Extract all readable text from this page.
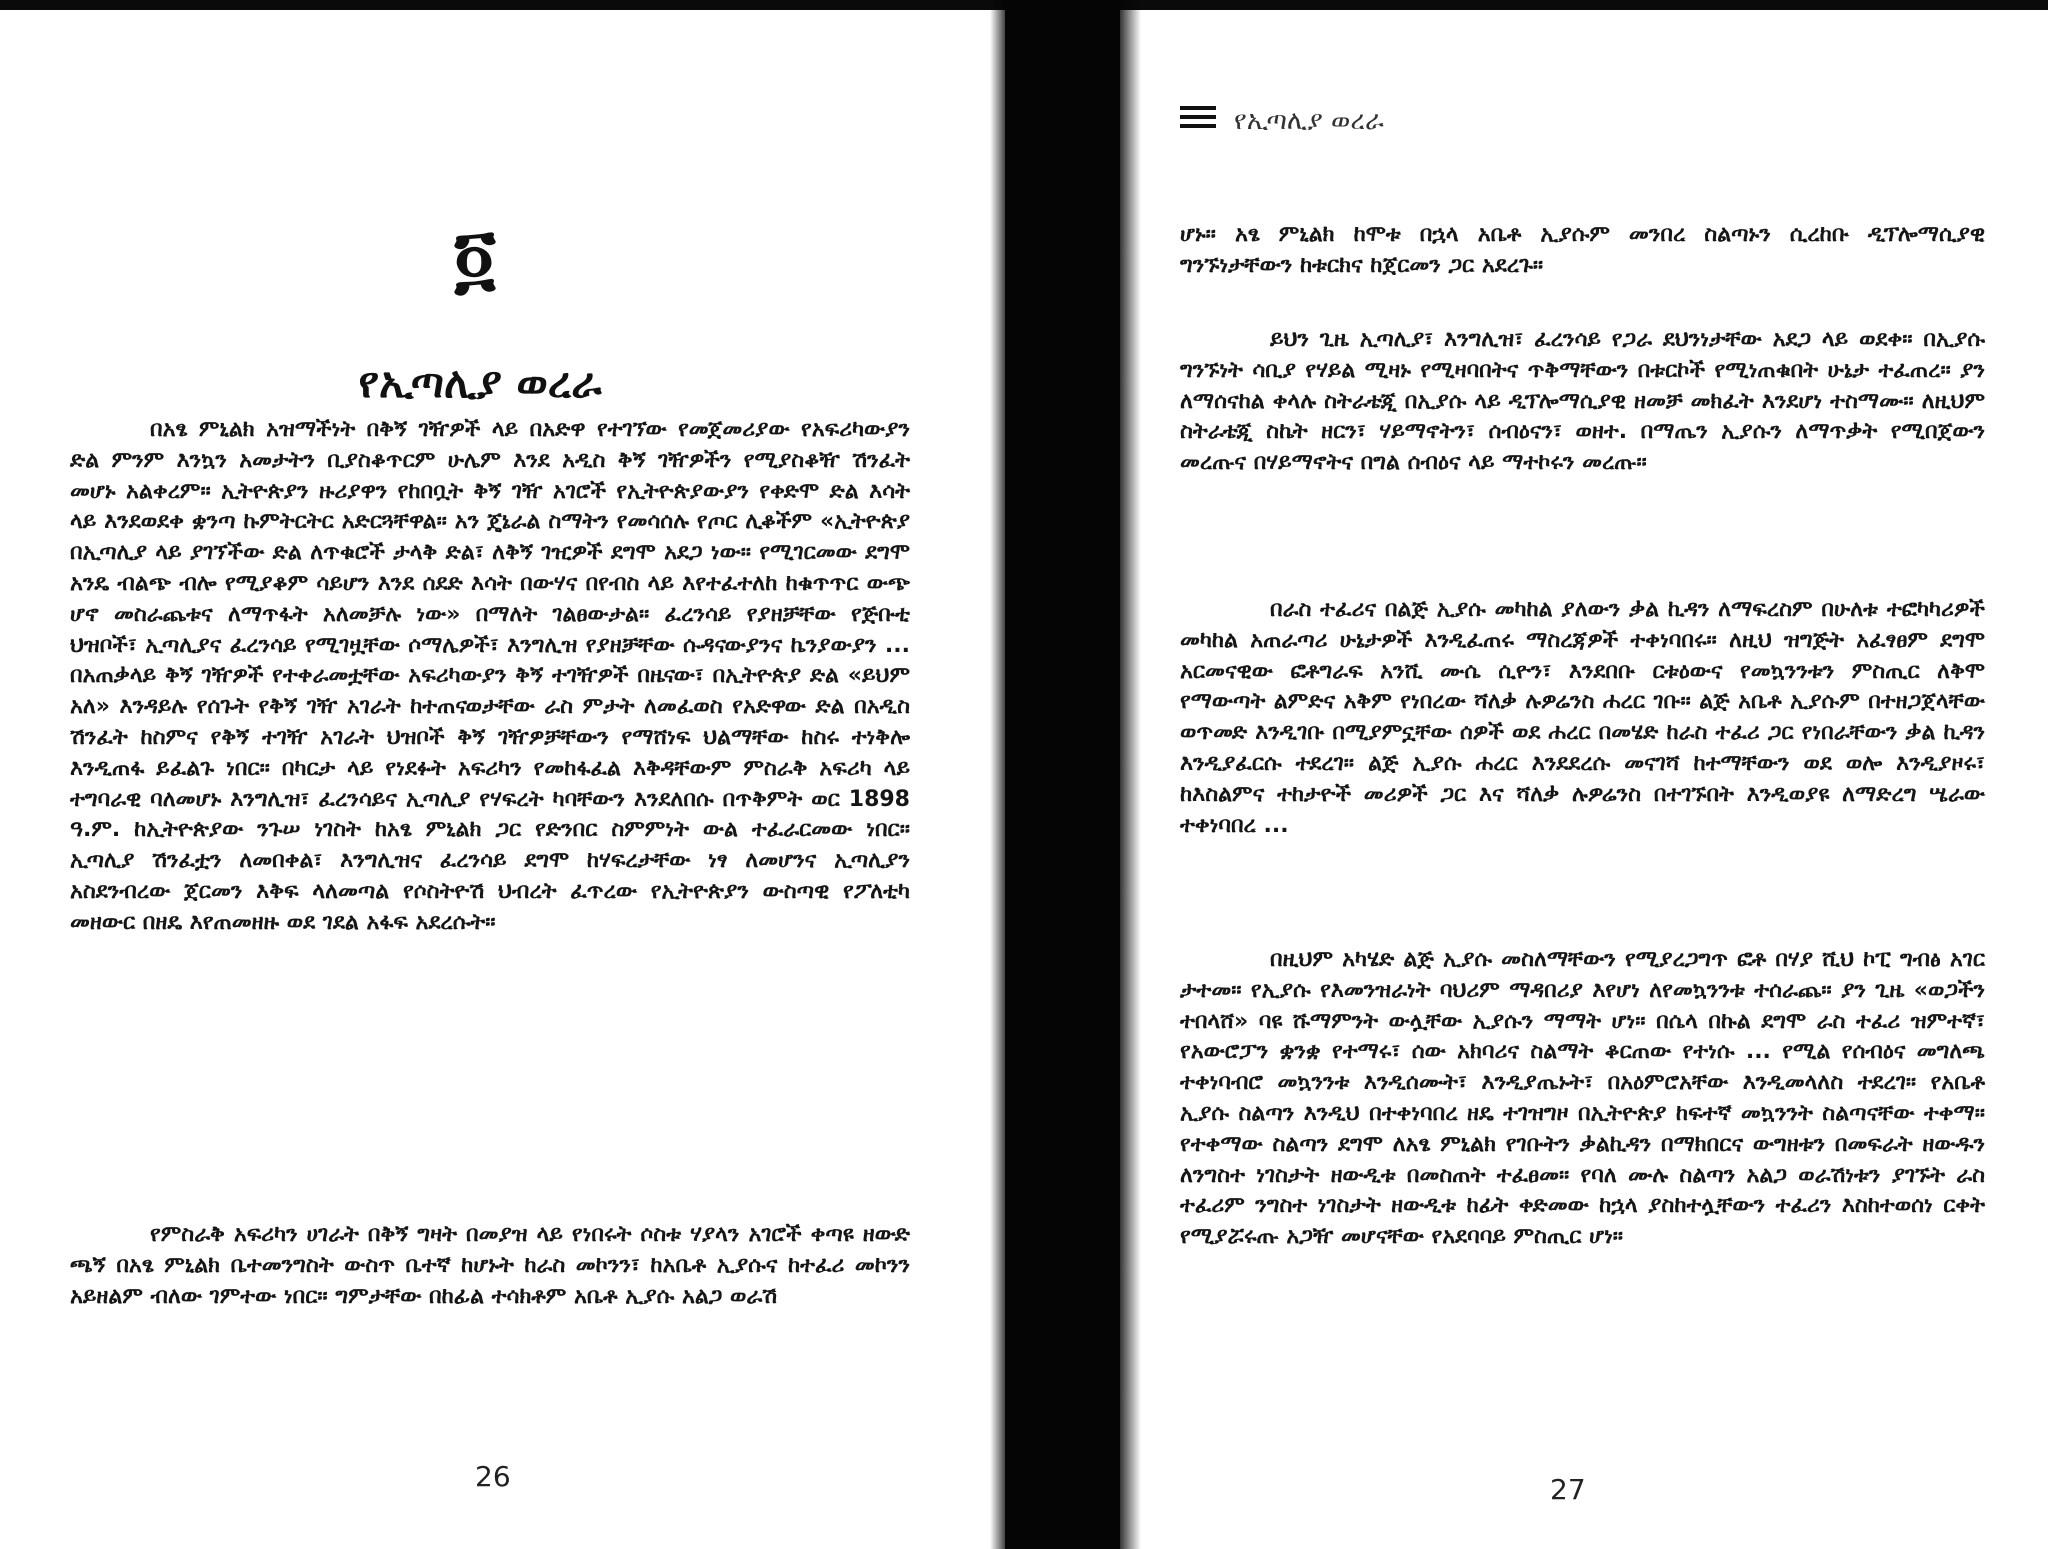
፬
የኢጣሊያ ወረራ

በአፄ ምኒልክ አዝማችነት በቅኝ ገዥዎች ላይ በአድዋ የተገኘው የመጀመሪያው የአፍሪካውያን ድል ምንም እንኳን አመታትን ቢያስቆጥርም ሁሌም እንደ አዲስ ቅኝ ገዥዎችን የሚያስቆዥ ሽንፈት መሆኑ አልቀረም። ኢትዮጵያን ዙሪያዋን የከበቧት ቅኝ ገዥ አገሮች የኢትዮጵያውያን የቀድሞ ድል እሳት ላይ እንደወደቀ ቋንጣ ኩምትርትር አድርጓቸዋል። አን ጄኔራል ስማትን የመሳሰሉ የጦር ሊቆችም «ኢትዮጵያ በኢጣሊያ ላይ ያገኘችው ድል ለጥቁሮች ታላቅ ድል፣ ለቅኝ ገዢዎች ደግሞ አደጋ ነው። የሚገርመው ደግሞ አንዴ ብልጭ ብሎ የሚያቆም ሳይሆን እንደ ሰደድ እሳት በውሃና በየብስ ላይ እየተፈተለከ ከቁጥጥር ውጭ ሆኖ መስራጨቱና ለማጥፋት አለመቻሉ ነው» በማለት ገልፀውታል። ፈረንሳይ የያዘቻቸው የጅቡቲ ህዝቦች፣ ኢጣሊያና ፈረንሳይ የሚገዟቸው ሶማሌዎች፣ እንግሊዝ የያዘቻቸው ሱዳናውያንና ኬንያውያን ... በአጠቃላይ ቅኝ ገዥዎች የተቀራመቷቸው አፍሪካውያን ቅኝ ተገዥዎች በዜናው፣ በኢትዮጵያ ድል «ይህም አለ» እንዳይሉ የሰጉት የቅኝ ገዥ አገራት ከተጠናወታቸው ራስ ምታት ለመፈወስ የአድዋው ድል በአዲስ ሽንፈት ከስምና የቅኝ ተገዥ አገራት ህዝቦች ቅኝ ገዥዎቻቸውን የማሸነፍ ህልማቸው ከስሩ ተነቅሎ እንዲጠፋ ይፈልጉ ነበር። በካርታ ላይ የነደፉት አፍሪካን የመከፋፈል እቅዳቸውም ምስራቅ አፍሪካ ላይ ተግባራዊ ባለመሆኑ እንግሊዝ፣ ፈረንሳይና ኢጣሊያ የሃፍረት ካባቸውን እንደለበሱ በጥቅምት ወር 1898 ዓ.ም. ከኢትዮጵያው ንጉሠ ነገስት ከአፄ ምኒልክ ጋር የድንበር ስምምነት ውል ተፈራርመው ነበር። ኢጣሊያ ሽንፈቷን ለመበቀል፣ እንግሊዝና ፈረንሳይ ደግሞ ከሃፍረታቸው ነፃ ለመሆንና ኢጣሊያን አስደንብረው ጀርመን እቅፍ ላለመጣል የሶስትዮሽ ህብረት ፈጥረው የኢትዮጵያን ውስጣዊ የፖለቲካ መዘውር በዘዴ እየጠመዘዙ ወደ ገደል አፋፍ አደረሱት።

የምስራቅ አፍሪካን ሀገራት በቅኝ ግዛት በመያዝ ላይ የነበሩት ሶስቱ ሃያላን አገሮች ቀጣዩ ዘውድ ጫኝ በአፄ ምኒልክ ቤተመንግስት ውስጥ ቤተኛ ከሆኑት ከራስ መኮንን፣ ከአቤቶ ኢያሱና ከተፈሪ መኮንን አይዘልም ብለው ገምተው ነበር። ግምታቸው በከፊል ተሳክቶም አቤቶ ኢያሱ አልጋ ወራሽ

26
የኢጣሊያ ወረራ

ሆኑ። አፄ ምኒልክ ከሞቱ በኋላ አቤቶ ኢያሱም መንበረ ስልጣኑን ሲረከቡ ዲፕሎማሲያዊ ግንኙነታቸውን ከቱርክና ከጀርመን ጋር አደረጉ።

ይህን ጊዜ ኢጣሊያ፣ እንግሊዝ፣ ፈረንሳይ የጋራ ደህንነታቸው አደጋ ላይ ወደቀ። በኢያሱ ግንኙነት ሳቢያ የሃይል ሚዛኑ የሚዛባበትና ጥቅማቸውን በቱርኮች የሚነጠቁበት ሁኔታ ተፈጠረ። ያን ለማሰናከል ቀላሉ ስትራቴጂ በኢያሱ ላይ ዲፕሎማሲያዊ ዘመቻ መክፈት እንደሆነ ተስማሙ። ለዚህም ስትራቴጂ ስኬት ዘርን፣ ሃይማኖትን፣ ሰብዕናን፣ ወዘተ. በማጤን ኢያሱን ለማጥቃት የሚበጀውን መረጡና በሃይማኖትና በግል ሰብዕና ላይ ማተኮሩን መረጡ።

በራስ ተፈሪና በልጅ ኢያሱ መካከል ያለውን ቃል ኪዳን ለማፍረስም በሁለቱ ተፎካካሪዎች መካከል አጠራጣሪ ሁኔታዎች እንዲፈጠሩ ማስረጃዎች ተቀነባበሩ። ለዚህ ዝግጅት አፈፃፀም ደግሞ አርመናዊው ፎቶግራፍ አንሺ ሙሴ ሲዮን፣ እንደበቡ ርቱዕውና የመኳንንቱን ምስጢር ለቅሞ የማውጣት ልምድና አቅም የነበረው ሻለቃ ሉዎሬንስ ሐረር ገቡ። ልጅ አቤቶ ኢያሱም በተዘጋጀላቸው ወጥመድ እንዲገቡ በሚያምኗቸው ሰዎች ወደ ሐረር በመሄድ ከራስ ተፈሪ ጋር የነበራቸውን ቃል ኪዳን እንዲያፈርሱ ተደረገ። ልጅ ኢያሱ ሐረር እንደደረሱ መናገሻ ከተማቸውን ወደ ወሎ እንዲያዞሩ፣ ከእስልምና ተከታዮች መሪዎች ጋር እና ሻለቃ ሉዎሬንስ በተገኙበት እንዲወያዩ ለማድረግ ሤራው ተቀነባበረ ...

በዚህም አካሄድ ልጅ ኢያሱ መስለማቸውን የሚያረጋግጥ ፎቶ በሃያ ሺህ ኮፒ ግብፅ አገር ታተመ። የኢያሱ የእመንዝራነት ባህሪም ማዳበሪያ እየሆነ ለየመኳንንቱ ተሰራጨ። ያን ጊዜ «ወጋችን ተበላሸ» ባዩ ሹማምንት ውሏቸው ኢያሱን ማማት ሆነ። በሴላ በኩል ደግሞ ራስ ተፈሪ ዝምተኛ፣ የአውሮፓን ቋንቋ የተማሩ፣ ሰው አክባሪና ስልማት ቆርጠው የተነሱ ... የሚል የሰብዕና መግለጫ ተቀነባብሮ መኳንንቱ እንዲሰሙት፣ እንዲያጤኑት፣ በአዕምሮአቸው እንዲመላለስ ተደረገ። የአቤቶ ኢያሱ ስልጣን እንዲህ በተቀነባበረ ዘዴ ተገዝግዞ በኢትዮጵያ ከፍተኛ መኳንንት ስልጣናቸው ተቀማ። የተቀማው ስልጣን ደግሞ ለአፄ ምኒልክ የገቡትን ቃልኪዳን በማክበርና ውግዘቱን በመፍራት ዘውዱን ለንግስተ ነገስታት ዘውዲቱ በመስጠት ተፈፀመ። የባለ ሙሉ ስልጣን አልጋ ወራሽነቱን ያገኙት ራስ ተፈሪም ንግስተ ነገስታት ዘውዲቱ ከፊት ቀድመው ከኋላ ያስከተሏቸውን ተፈሪን እስከተወሰነ ርቀት የሚያሯሩጡ አጋዥ መሆናቸው የአደባባይ ምስጢር ሆነ።

27
